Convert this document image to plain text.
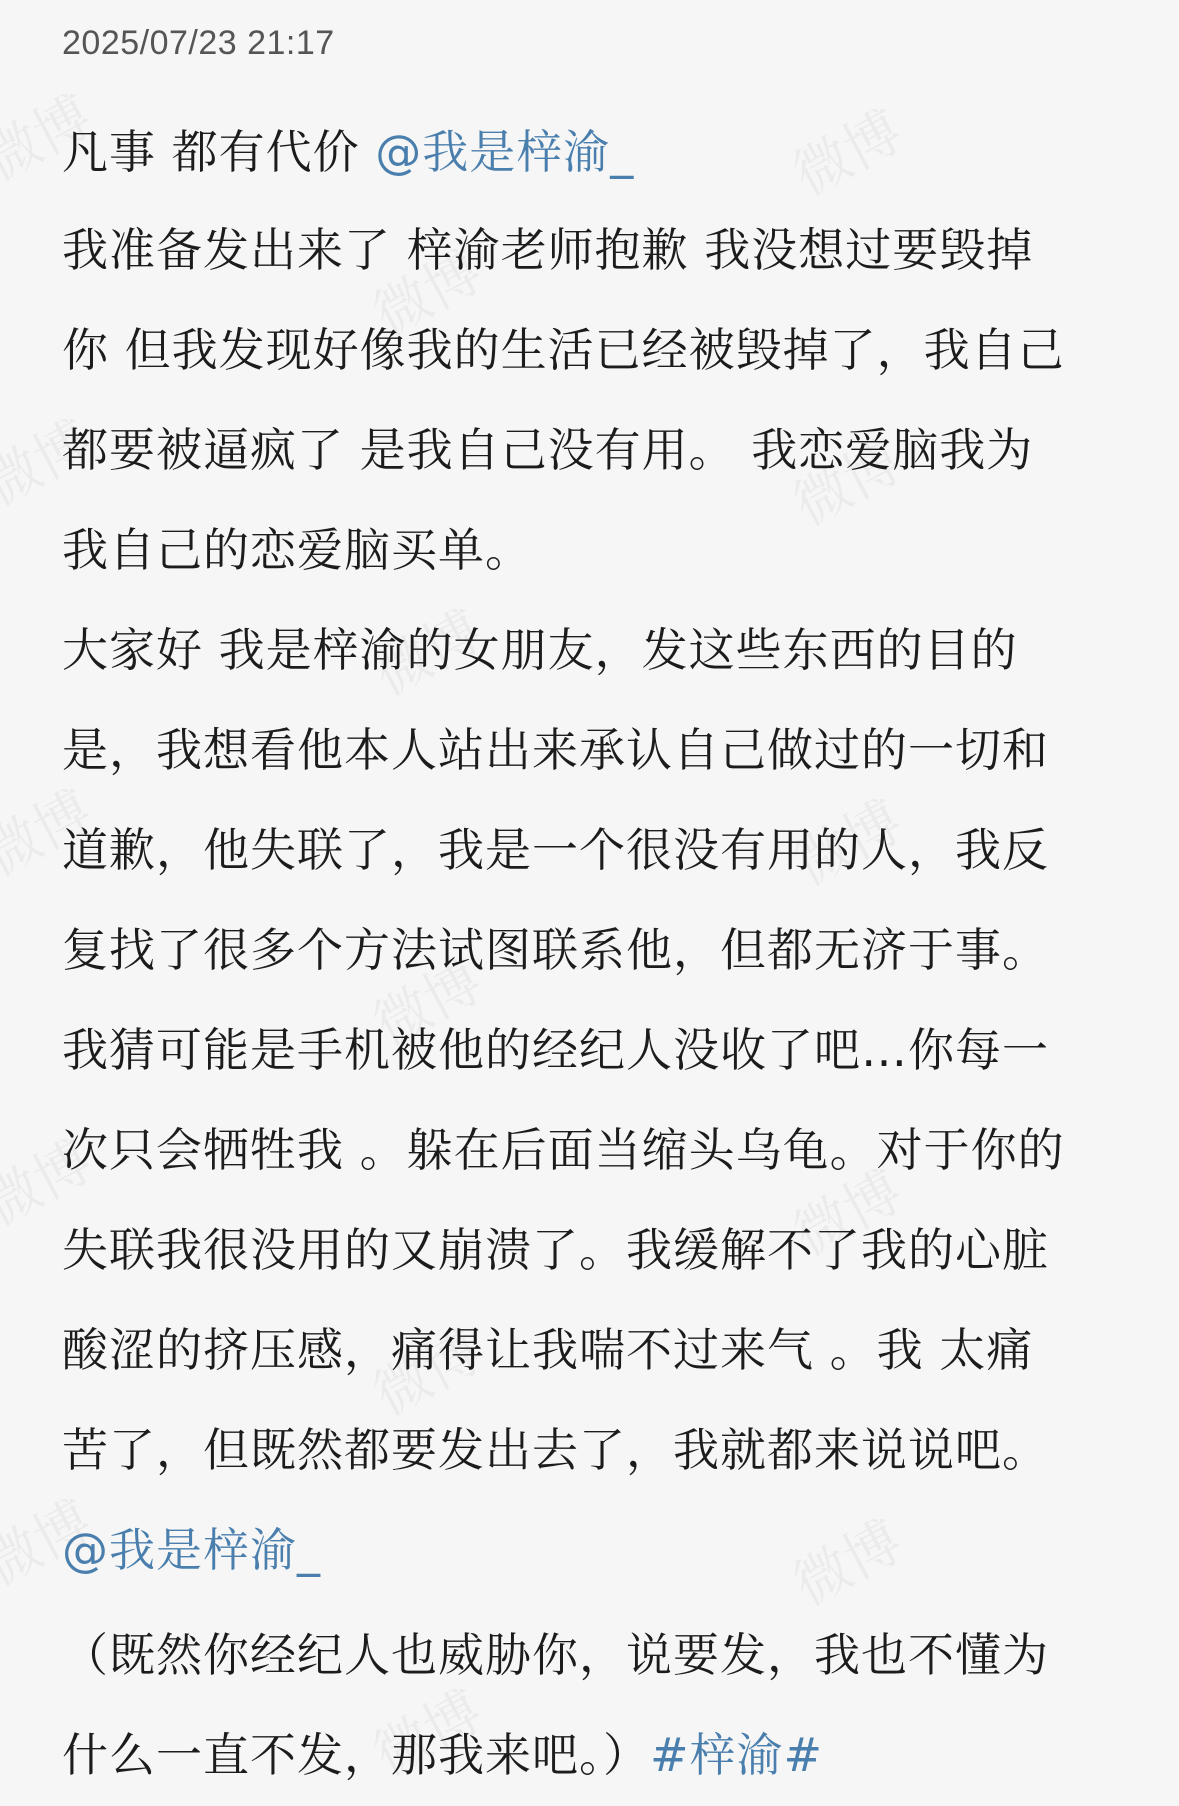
2025/07/23 21:17
凡事 都有代价 @我是梓渝_
我准备发出来了 梓渝老师抱歉 我没想过要毁掉
你 但我发现好像我的生活已经被毁掉了，我自己
都要被逼疯了 是我自己没有用。 我恋爱脑我为
我自己的恋爱脑买单。
大家好 我是梓渝的女朋友，发这些东西的目的
是，我想看他本人站出来承认自己做过的一切和
道歉，他失联了，我是一个很没有用的人，我反
复找了很多个方法试图联系他，但都无济于事。
我猜可能是手机被他的经纪人没收了吧…你每一
次只会牺牲我 。躲在后面当缩头乌龟。对于你的
失联我很没用的又崩溃了。我缓解不了我的心脏
酸涩的挤压感，痛得让我喘不过来气 。我 太痛
苦了，但既然都要发出去了，我就都来说说吧。
@我是梓渝_
（既然你经纪人也威胁你，说要发，我也不懂为
什么一直不发，那我来吧。）#梓渝#
